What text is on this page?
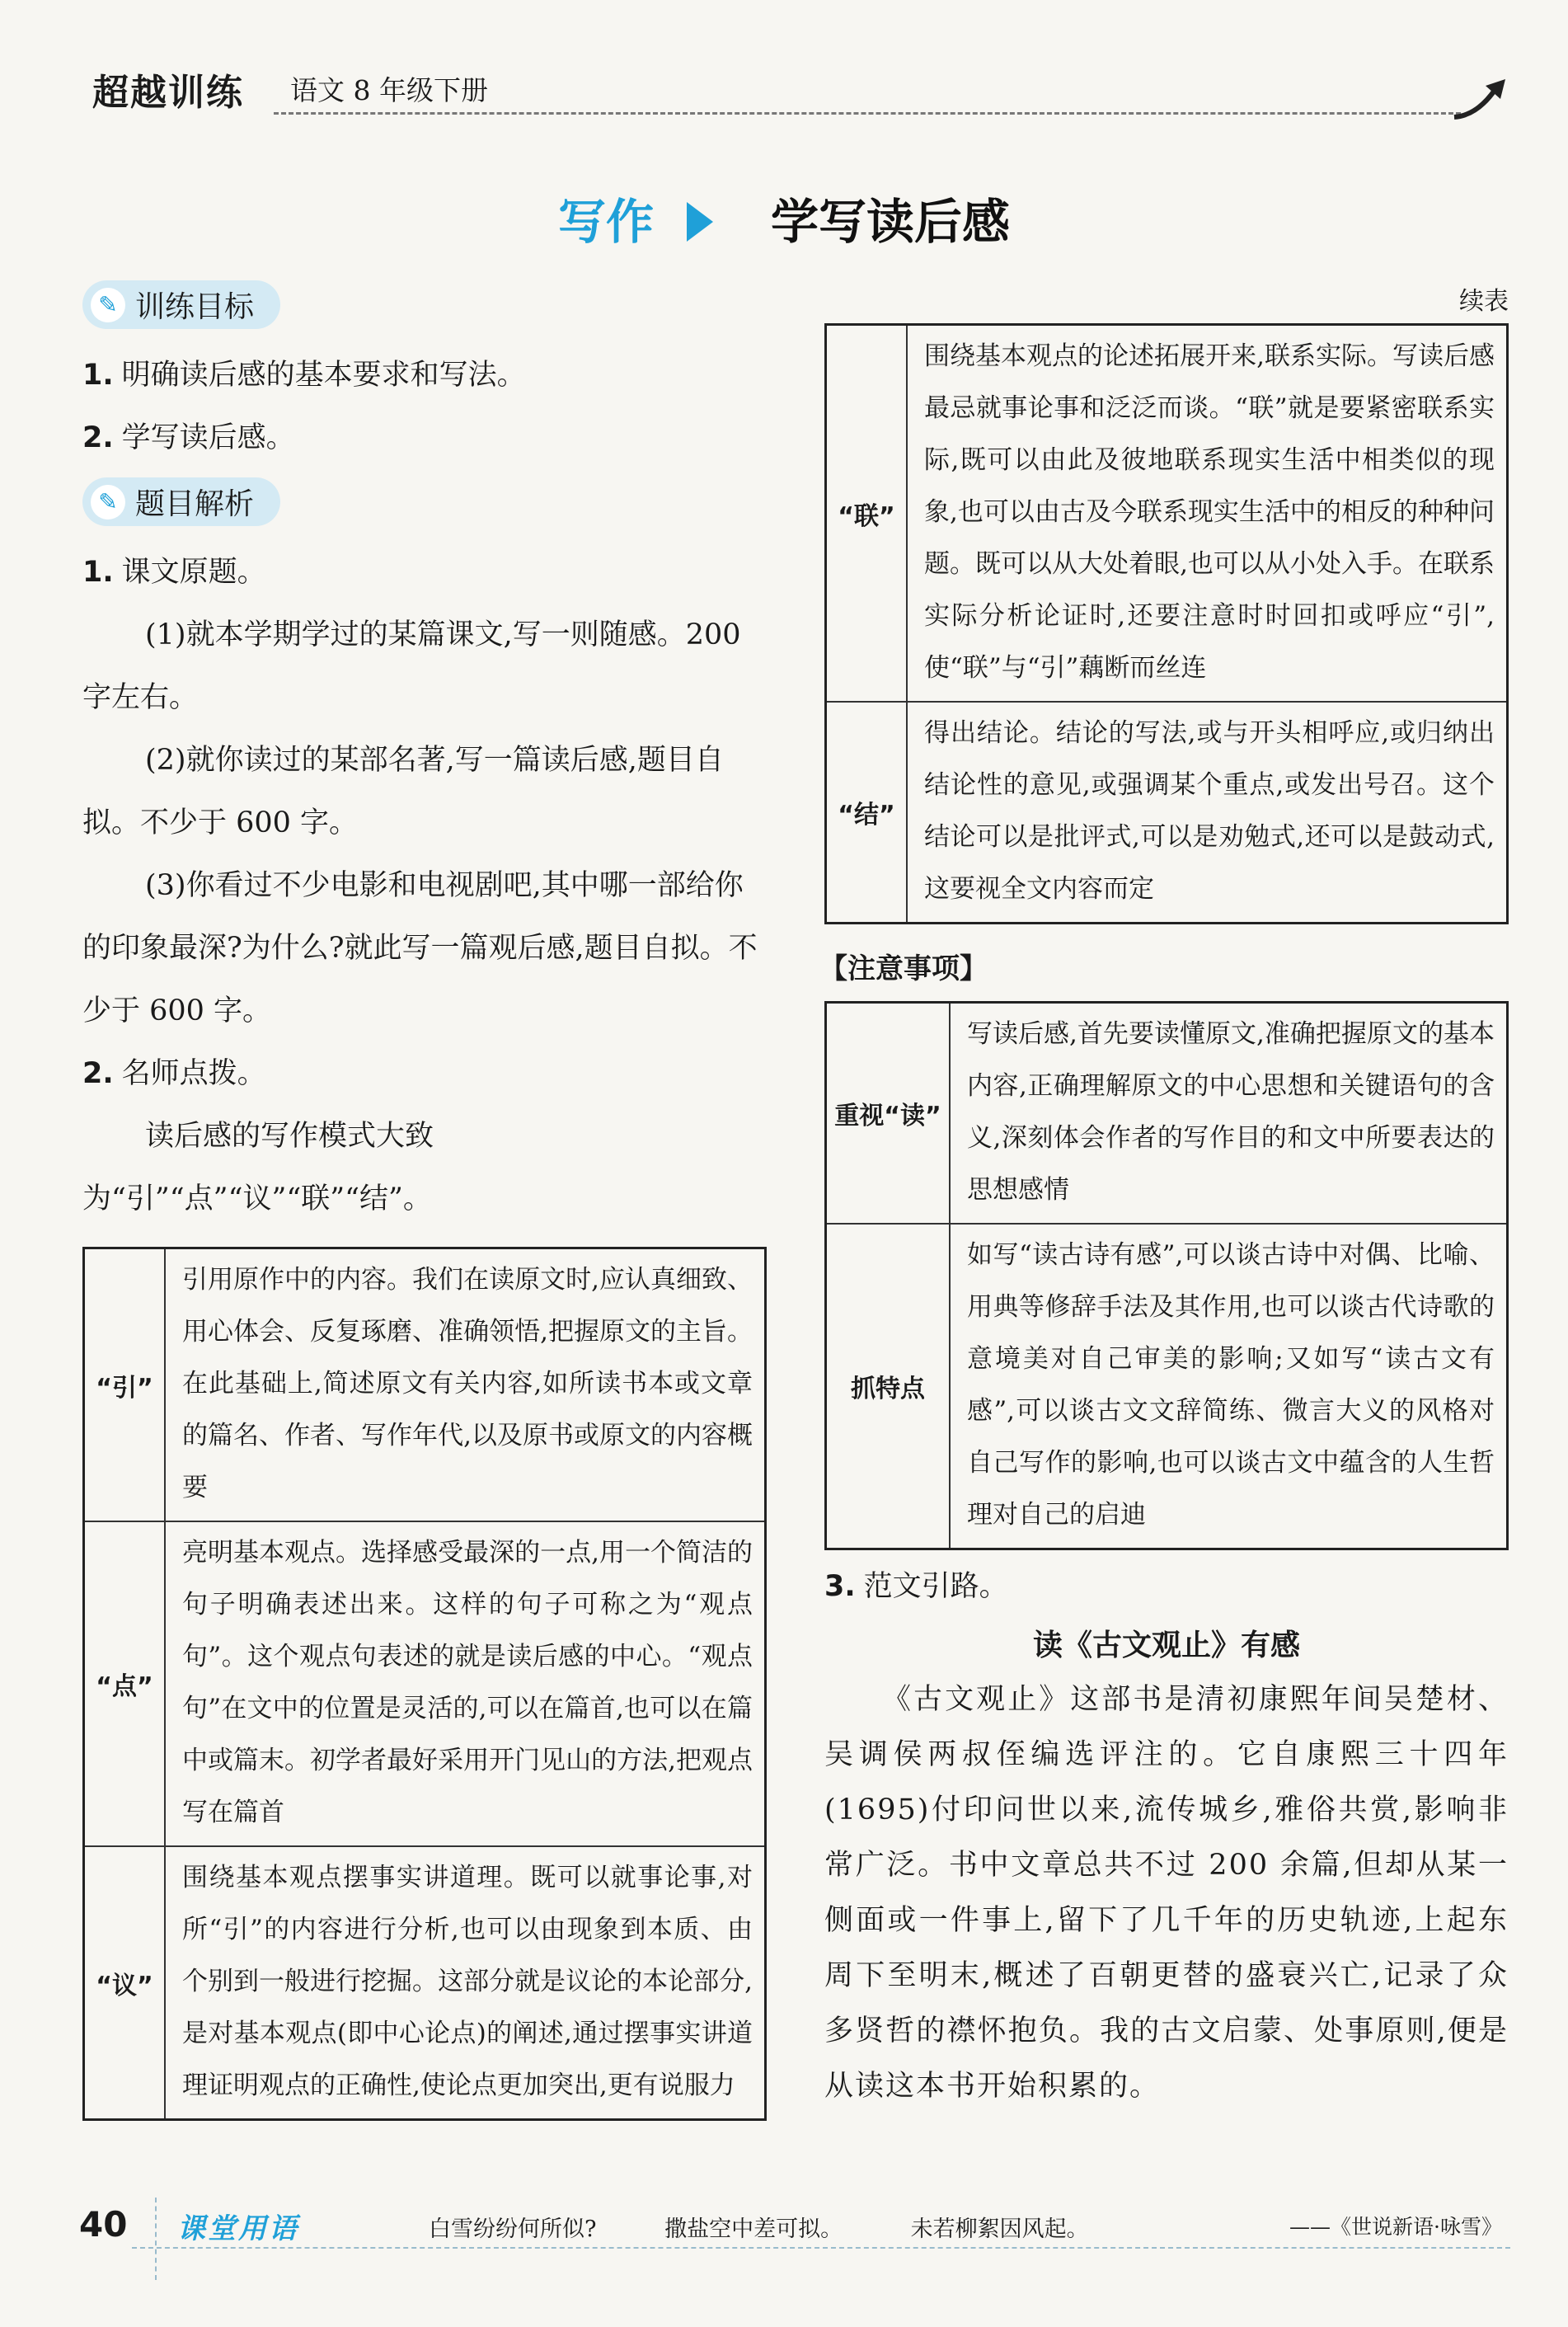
超越训练 语文 8 年级下册
写作 学写读后感
✎ 训练目标

1. 明确读后感的基本要求和写法。

2. 学写读后感。

✎ 题目解析

1. 课文原题。

(1)就本学期学过的某篇课文,写一则随感。200 字左右。

(2)就你读过的某部名著,写一篇读后感,题目自拟。不少于 600 字。

(3)你看过不少电影和电视剧吧,其中哪一部给你的印象最深?为什么?就此写一篇观后感,题目自拟。不少于 600 字。

2. 名师点拨。

读后感的写作模式大致为“引”“点”“议”“联”“结”。

“引”	引用原作中的内容。我们在读原文时,应认真细致、用心体会、反复琢磨、准确领悟,把握原文的主旨。在此基础上,简述原文有关内容,如所读书本或文章的篇名、作者、写作年代,以及原书或原文的内容概要
“点”	亮明基本观点。选择感受最深的一点,用一个简洁的句子明确表述出来。这样的句子可称之为“观点句”。这个观点句表述的就是读后感的中心。“观点句”在文中的位置是灵活的,可以在篇首,也可以在篇中或篇末。初学者最好采用开门见山的方法,把观点写在篇首
“议”	围绕基本观点摆事实讲道理。既可以就事论事,对所“引”的内容进行分析,也可以由现象到本质、由个别到一般进行挖掘。这部分就是议论的本论部分,是对基本观点(即中心论点)的阐述,通过摆事实讲道理证明观点的正确性,使论点更加突出,更有说服力
续表
“联”	围绕基本观点的论述拓展开来,联系实际。写读后感最忌就事论事和泛泛而谈。“联”就是要紧密联系实际,既可以由此及彼地联系现实生活中相类似的现象,也可以由古及今联系现实生活中的相反的种种问题。既可以从大处着眼,也可以从小处入手。在联系实际分析论证时,还要注意时时回扣或呼应“引”,使“联”与“引”藕断而丝连
“结”	得出结论。结论的写法,或与开头相呼应,或归纳出结论性的意见,或强调某个重点,或发出号召。这个结论可以是批评式,可以是劝勉式,还可以是鼓动式,这要视全文内容而定
【注意事项】
重视“读”	写读后感,首先要读懂原文,准确把握原文的基本内容,正确理解原文的中心思想和关键语句的含义,深刻体会作者的写作目的和文中所要表达的思想感情
抓特点	如写“读古诗有感”,可以谈古诗中对偶、比喻、用典等修辞手法及其作用,也可以谈古代诗歌的意境美对自己审美的影响;又如写“读古文有感”,可以谈古文文辞简练、微言大义的风格对自己写作的影响,也可以谈古文中蕴含的人生哲理对自己的启迪

3. 范文引路。

读《古文观止》有感

《古文观止》这部书是清初康熙年间吴楚材、吴调侯两叔侄编选评注的。它自康熙三十四年(1695)付印问世以来,流传城乡,雅俗共赏,影响非常广泛。书中文章总共不过 200 余篇,但却从某一侧面或一件事上,留下了几千年的历史轨迹,上起东周下至明末,概述了百朝更替的盛衰兴亡,记录了众多贤哲的襟怀抱负。我的古文启蒙、处事原则,便是从读这本书开始积累的。

40 课堂用语	白雪纷纷何所似?	撒盐空中差可拟。	未若柳絮因风起。	——《世说新语·咏雪》
